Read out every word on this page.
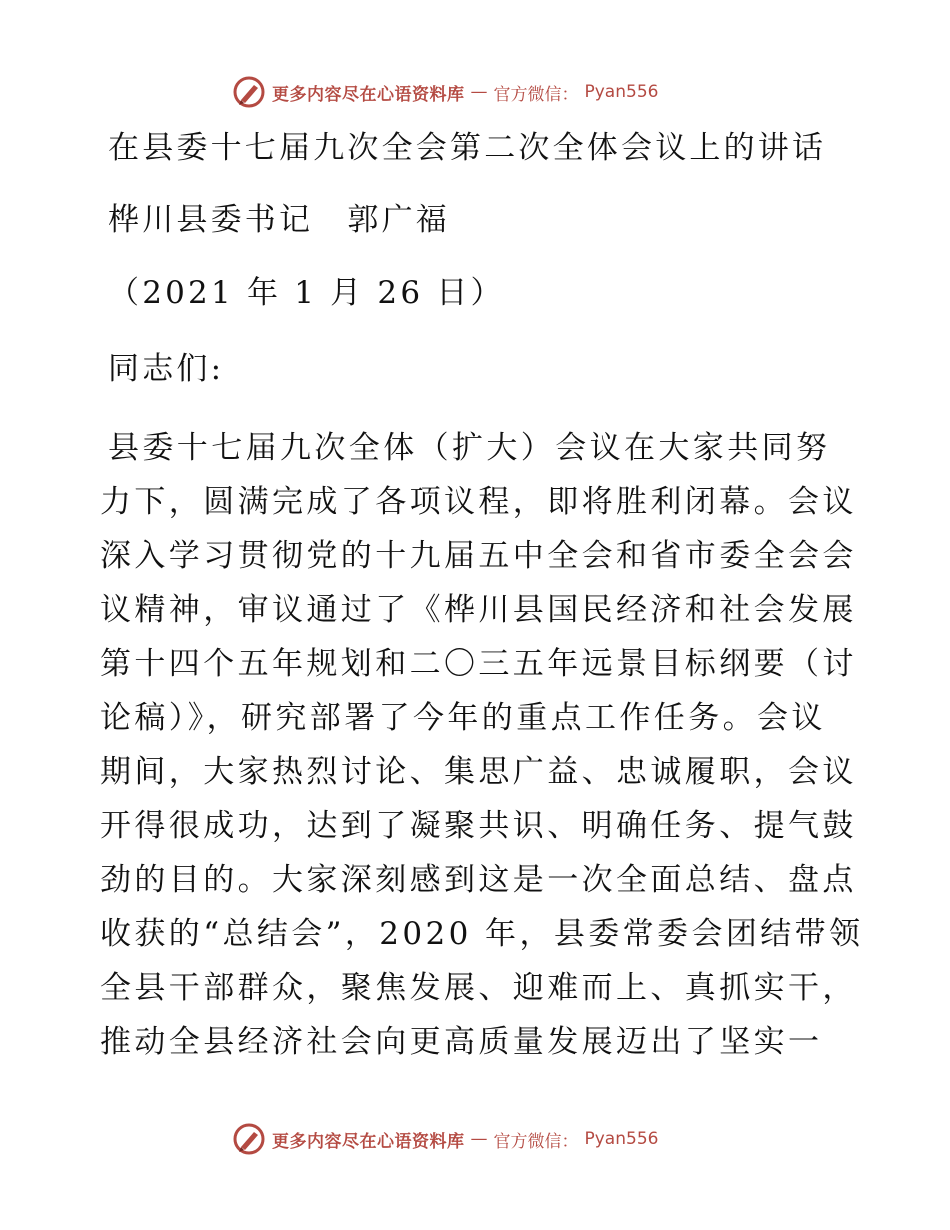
更多内容尽在心语资料库 — 官方微信： Pyan556
在县委十七届九次全会第二次全体会议上的讲话
桦川县委书记　郭广福
（2021 年 1 月 26 日）
同志们:
县委十七届九次全体（扩大）会议在大家共同努
力下，圆满完成了各项议程，即将胜利闭幕。会议
深入学习贯彻党的十九届五中全会和省市委全会会
议精神，审议通过了《桦川县国民经济和社会发展
第十四个五年规划和二〇三五年远景目标纲要（讨
论稿）》，研究部署了今年的重点工作任务。会议
期间，大家热烈讨论、集思广益、忠诚履职，会议
开得很成功，达到了凝聚共识、明确任务、提气鼓
劲的目的。大家深刻感到这是一次全面总结、盘点
收获的“总结会”，2020 年，县委常委会团结带领
全县干部群众，聚焦发展、迎难而上、真抓实干，
推动全县经济社会向更高质量发展迈出了坚实一
更多内容尽在心语资料库 — 官方微信： Pyan556
